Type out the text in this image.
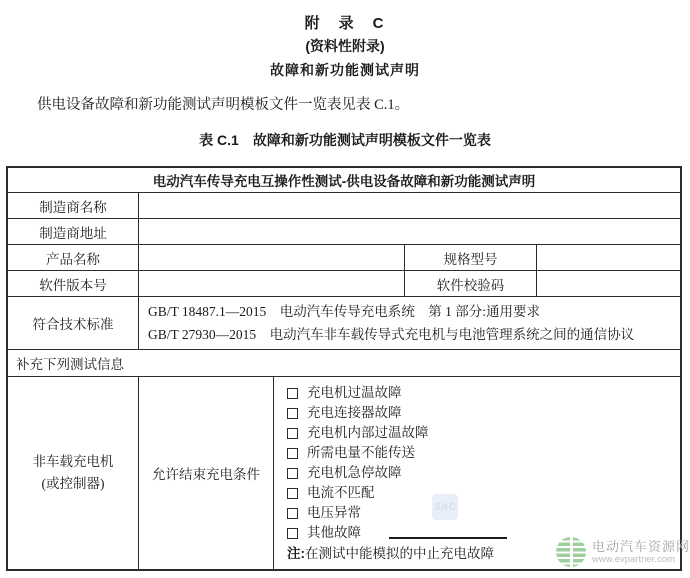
附　录　C
(资料性附录)
故障和新功能测试声明
供电设备故障和新功能测试声明模板文件一览表见表 C.1。
表 C.1　故障和新功能测试声明模板文件一览表
电动汽车传导充电互操作性测试-供电设备故障和新功能测试声明
制造商名称
制造商地址
产品名称	规格型号
软件版本号	软件校验码
符合技术标准
GB/T 18487.1—2015　电动汽车传导充电系统　第 1 部分:通用要求
GB/T 27930—2015　电动汽车非车载传导式充电机与电池管理系统之间的通信协议
补充下列测试信息
非车载充电机
(或控制器)
允许结束充电条件
充电机过温故障
充电连接器故障
充电机内部过温故障
所需电量不能传送
充电机急停故障
电流不匹配
电压异常
其他故障
注:在测试中能模拟的中止充电故障
SAC
电动汽车资源网
www.evpartner.com
